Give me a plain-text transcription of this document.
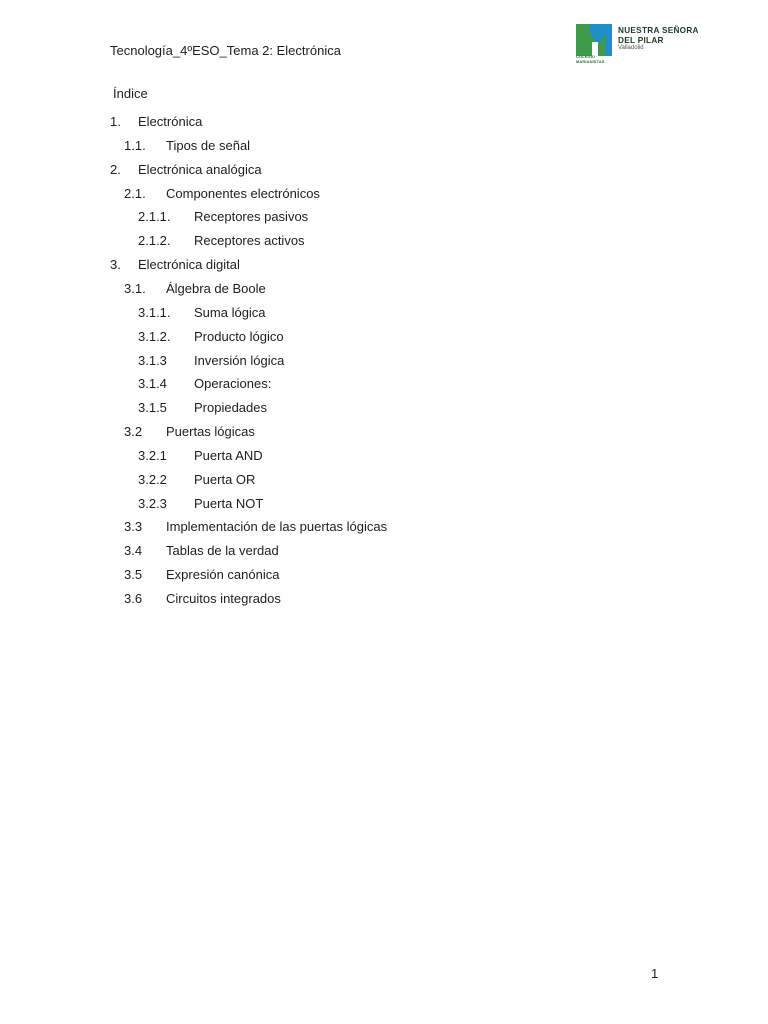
Tecnología_4ºESO_Tema 2: Electrónica	COLEGIO
MARIANISTAS
NUESTRA SEÑORA
DEL PILAR
Valladolid
Índice
1. Electrónica
1.1. Tipos de señal
2. Electrónica analógica
2.1. Componentes electrónicos
2.1.1. Receptores pasivos
2.1.2. Receptores activos
3. Electrónica digital
3.1. Álgebra de Boole
3.1.1. Suma lógica
3.1.2. Producto lógico
3.1.3 Inversión lógica
3.1.4 Operaciones:
3.1.5 Propiedades
3.2 Puertas lógicas
3.2.1 Puerta AND
3.2.2 Puerta OR
3.2.3 Puerta NOT
3.3 Implementación de las puertas lógicas
3.4 Tablas de la verdad
3.5 Expresión canónica
3.6 Circuitos integrados
1
